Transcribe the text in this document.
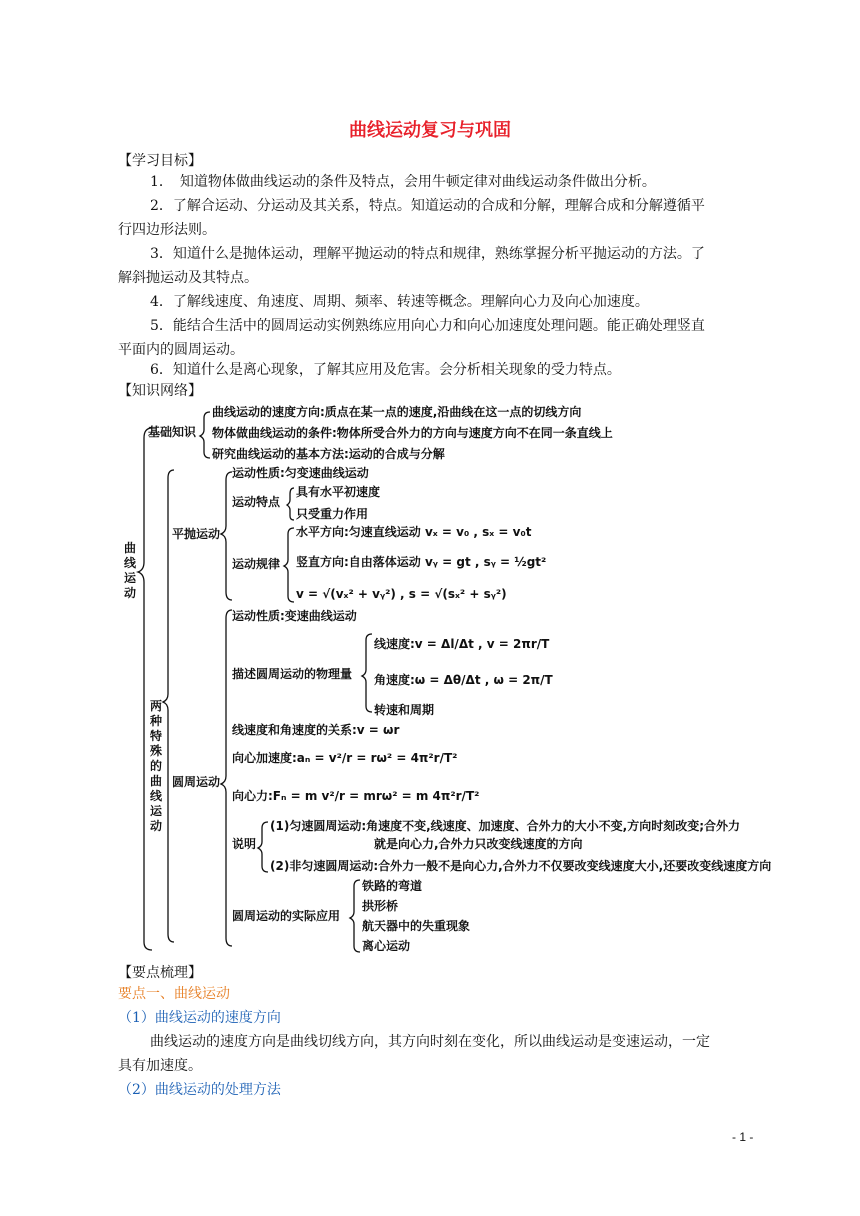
曲线运动复习与巩固
【学习目标】
1．　知道物体做曲线运动的条件及特点，会用牛顿定律对曲线运动条件做出分析。
2．了解合运动、分运动及其关系，特点。知道运动的合成和分解，理解合成和分解遵循平
行四边形法则。
3．知道什么是抛体运动，理解平抛运动的特点和规律，熟练掌握分析平抛运动的方法。了
解斜抛运动及其特点。
4．了解线速度、角速度、周期、频率、转速等概念。理解向心力及向心加速度。
5．能结合生活中的圆周运动实例熟练应用向心力和向心加速度处理问题。能正确处理竖直
平面内的圆周运动。
6．知道什么是离心现象，了解其应用及危害。会分析相关现象的受力特点。
【知识网络】
曲
线
运
动
基础知识
曲线运动的速度方向:质点在某一点的速度,沿曲线在这一点的切线方向
物体做曲线运动的条件:物体所受合外力的方向与速度方向不在同一条直线上
研究曲线运动的基本方法:运动的合成与分解
两
种
特
殊
的
曲
线
运
动
平抛运动
运动性质:匀变速曲线运动
运动特点
具有水平初速度
只受重力作用
运动规律
水平方向:匀速直线运动 vₓ = v₀ , sₓ = v₀t
竖直方向:自由落体运动 vᵧ = gt , sᵧ = ½gt²
v = √(vₓ² + vᵧ²) , s = √(sₓ² + sᵧ²)
圆周运动
运动性质:变速曲线运动
描述圆周运动的物理量
线速度:v = Δl/Δt , v = 2πr/T
角速度:ω = Δθ/Δt , ω = 2π/T
转速和周期
线速度和角速度的关系:v = ωr
向心加速度:aₙ = v²/r = rω² = 4π²r/T²
向心力:Fₙ = m v²/r = mrω² = m 4π²r/T²
说明
(1)匀速圆周运动:角速度不变,线速度、加速度、合外力的大小不变,方向时刻改变;合外力
就是向心力,合外力只改变线速度的方向
(2)非匀速圆周运动:合外力一般不是向心力,合外力不仅要改变线速度大小,还要改变线速度方向
圆周运动的实际应用
铁路的弯道
拱形桥
航天器中的失重现象
离心运动
【要点梳理】
要点一、曲线运动
（1）曲线运动的速度方向
曲线运动的速度方向是曲线切线方向，其方向时刻在变化，所以曲线运动是变速运动，一定
具有加速度。
（2）曲线运动的处理方法
- 1 -
